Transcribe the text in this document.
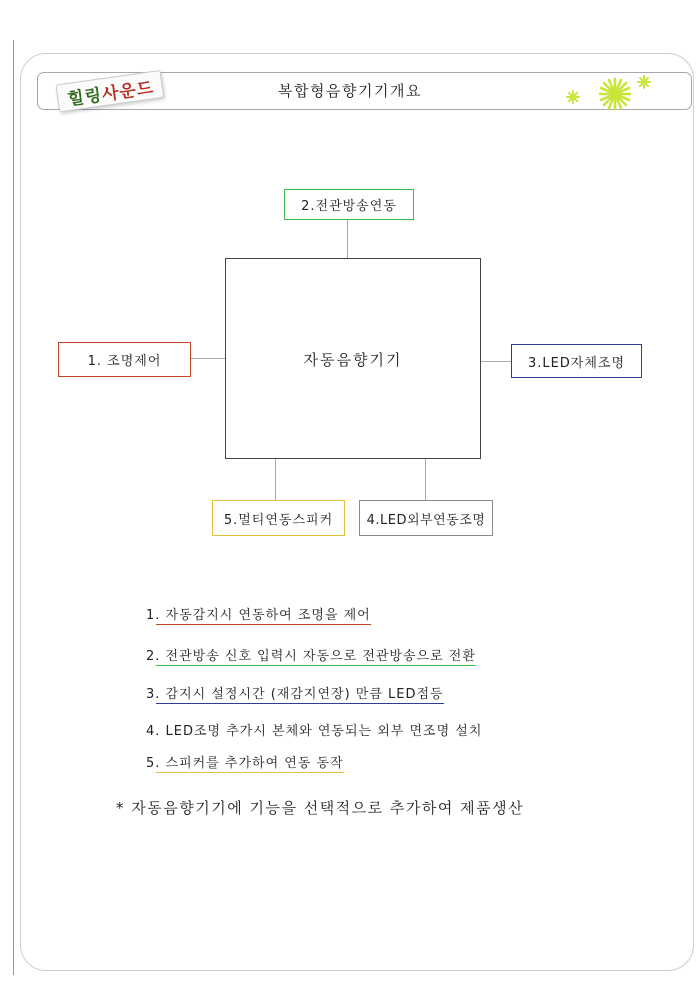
힐링사운드	복합형음향기기개요
자동음향기기
2.전관방송연동
1. 조명제어	3.LED자체조명
5.멀티연동스피커	4.LED외부연동조명
1. 자동감지시 연동하여 조명을 제어
2. 전관방송 신호 입력시 자동으로 전관방송으로 전환
3. 감지시 설정시간 (재감지연장) 만큼 LED점등
4. LED조명 추가시 본체와 연동되는 외부 면조명 설치
5. 스피커를 추가하여 연동 동작
* 자동음향기기에 기능을 선택적으로 추가하여 제품생산
